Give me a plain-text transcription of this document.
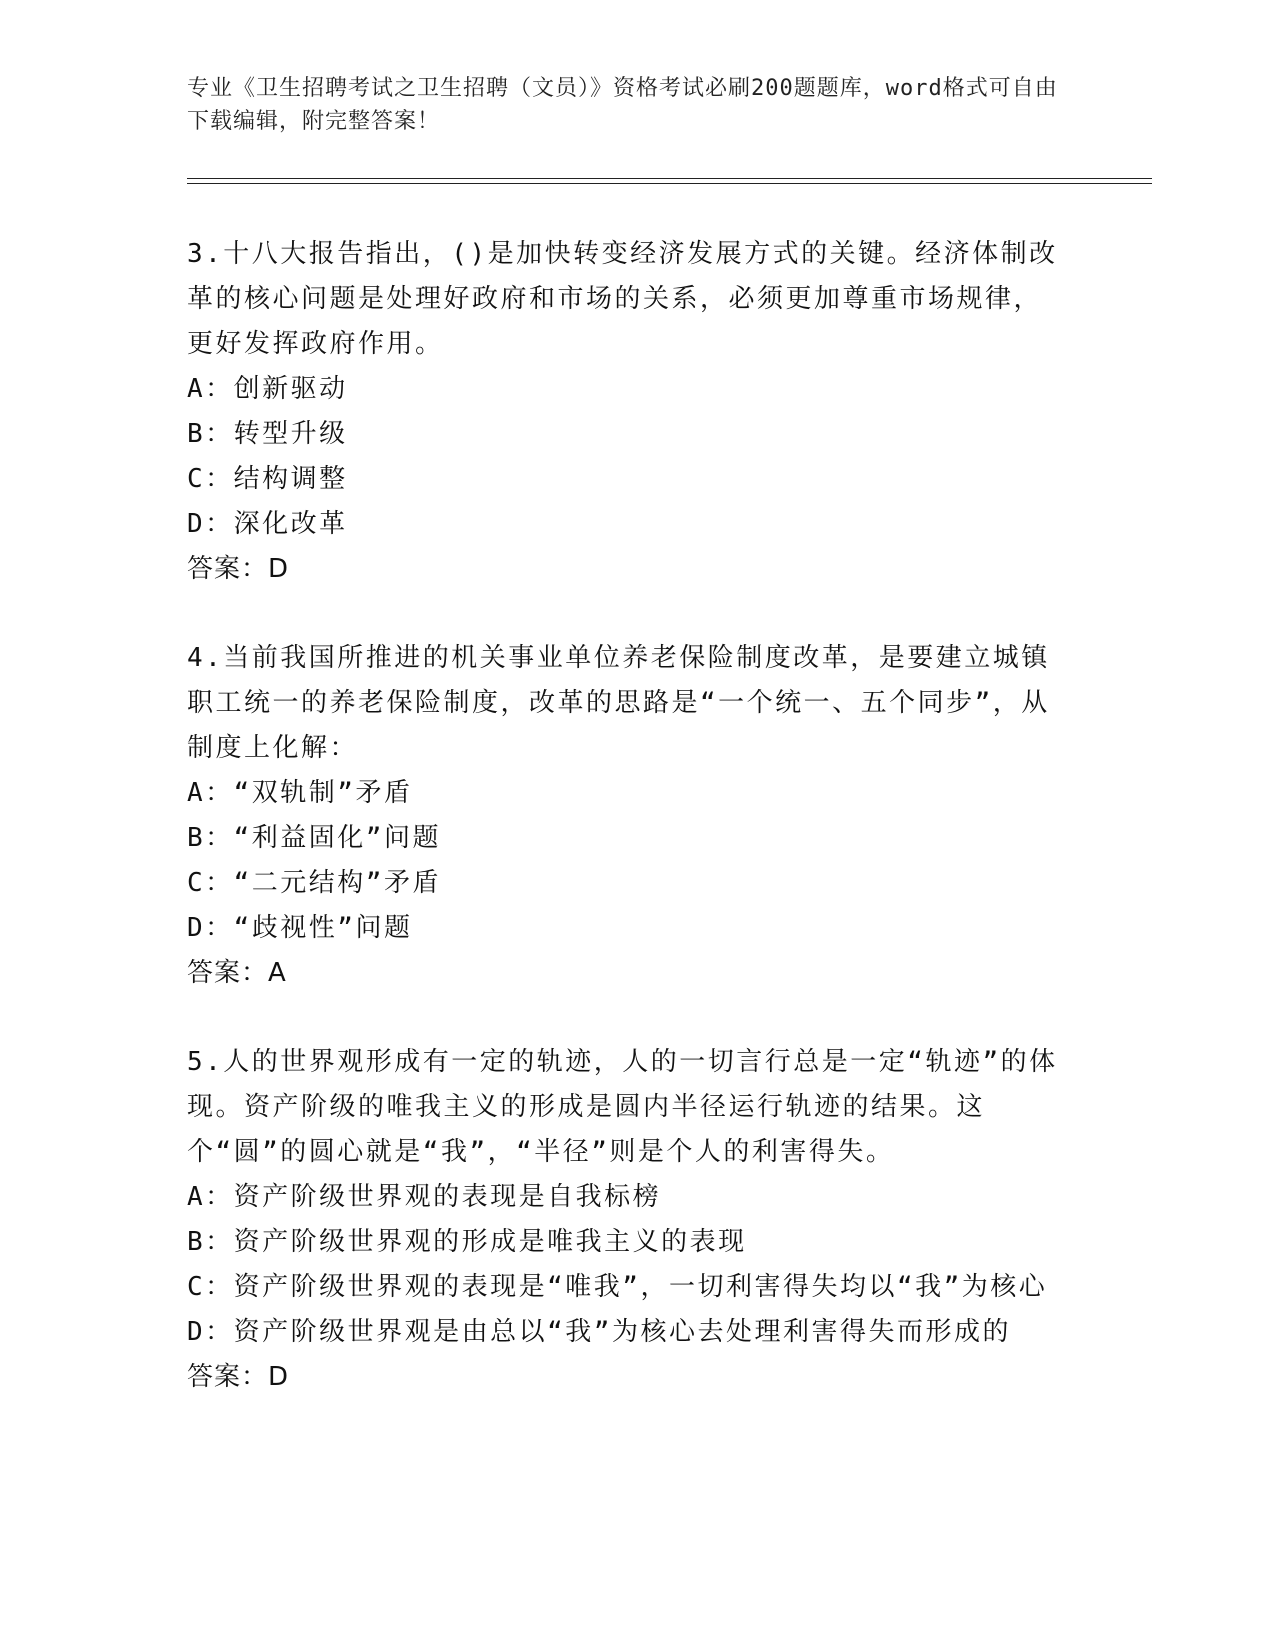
专业《卫生招聘考试之卫生招聘（文员）》资格考试必刷200题题库，word格式可自由下载编辑，附完整答案！

3.十八大报告指出，()是加快转变经济发展方式的关键。经济体制改革的核心问题是处理好政府和市场的关系，必须更加尊重市场规律，更好发挥政府作用。

A：创新驱动

B：转型升级

C：结构调整

D：深化改革

答案：D

4.当前我国所推进的机关事业单位养老保险制度改革，是要建立城镇职工统一的养老保险制度，改革的思路是“一个统一、五个同步”，从制度上化解：

A：“双轨制”矛盾

B：“利益固化”问题

C：“二元结构”矛盾

D：“歧视性”问题

答案：A

5.人的世界观形成有一定的轨迹，人的一切言行总是一定“轨迹”的体现。资产阶级的唯我主义的形成是圆内半径运行轨迹的结果。这个“圆”的圆心就是“我”，“半径”则是个人的利害得失。

A：资产阶级世界观的表现是自我标榜

B：资产阶级世界观的形成是唯我主义的表现

C：资产阶级世界观的表现是“唯我”，一切利害得失均以“我”为核心

D：资产阶级世界观是由总以“我”为核心去处理利害得失而形成的

答案：D
